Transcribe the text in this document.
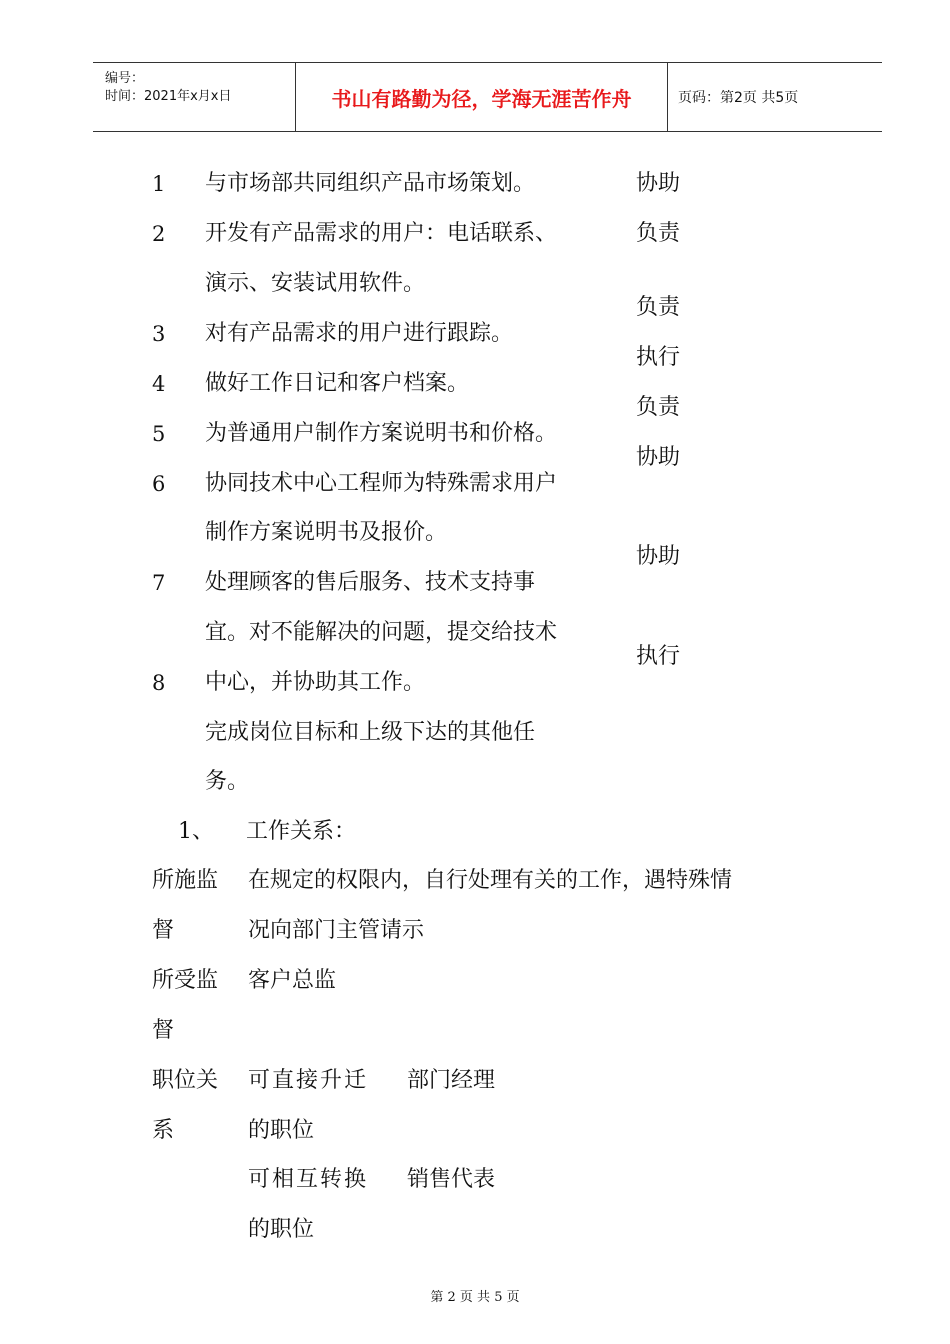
编号：
时间：2021年x月x日	书山有路勤为径，学海无涯苦作舟	页码：第2页 共5页
1
2
3
4
5
6
7
8
与市场部共同组织产品市场策划。
开发有产品需求的用户：电话联系、
演示、安装试用软件。
对有产品需求的用户进行跟踪。
做好工作日记和客户档案。
为普通用户制作方案说明书和价格。
协同技术中心工程师为特殊需求用户
制作方案说明书及报价。
处理顾客的售后服务、技术支持事
宜。对不能解决的问题，提交给技术
中心，并协助其工作。
完成岗位目标和上级下达的其他任
务。
协助
负责
负责
执行
负责
协助
协助
执行
1、 工作关系：
所施监
督
在规定的权限内，自行处理有关的工作，遇特殊情
况向部门主管请示
所受监
督
客户总监
职位关
系
可直接升迁
的职位
部门经理
可相互转换
的职位
销售代表
第 2 页 共 5 页
